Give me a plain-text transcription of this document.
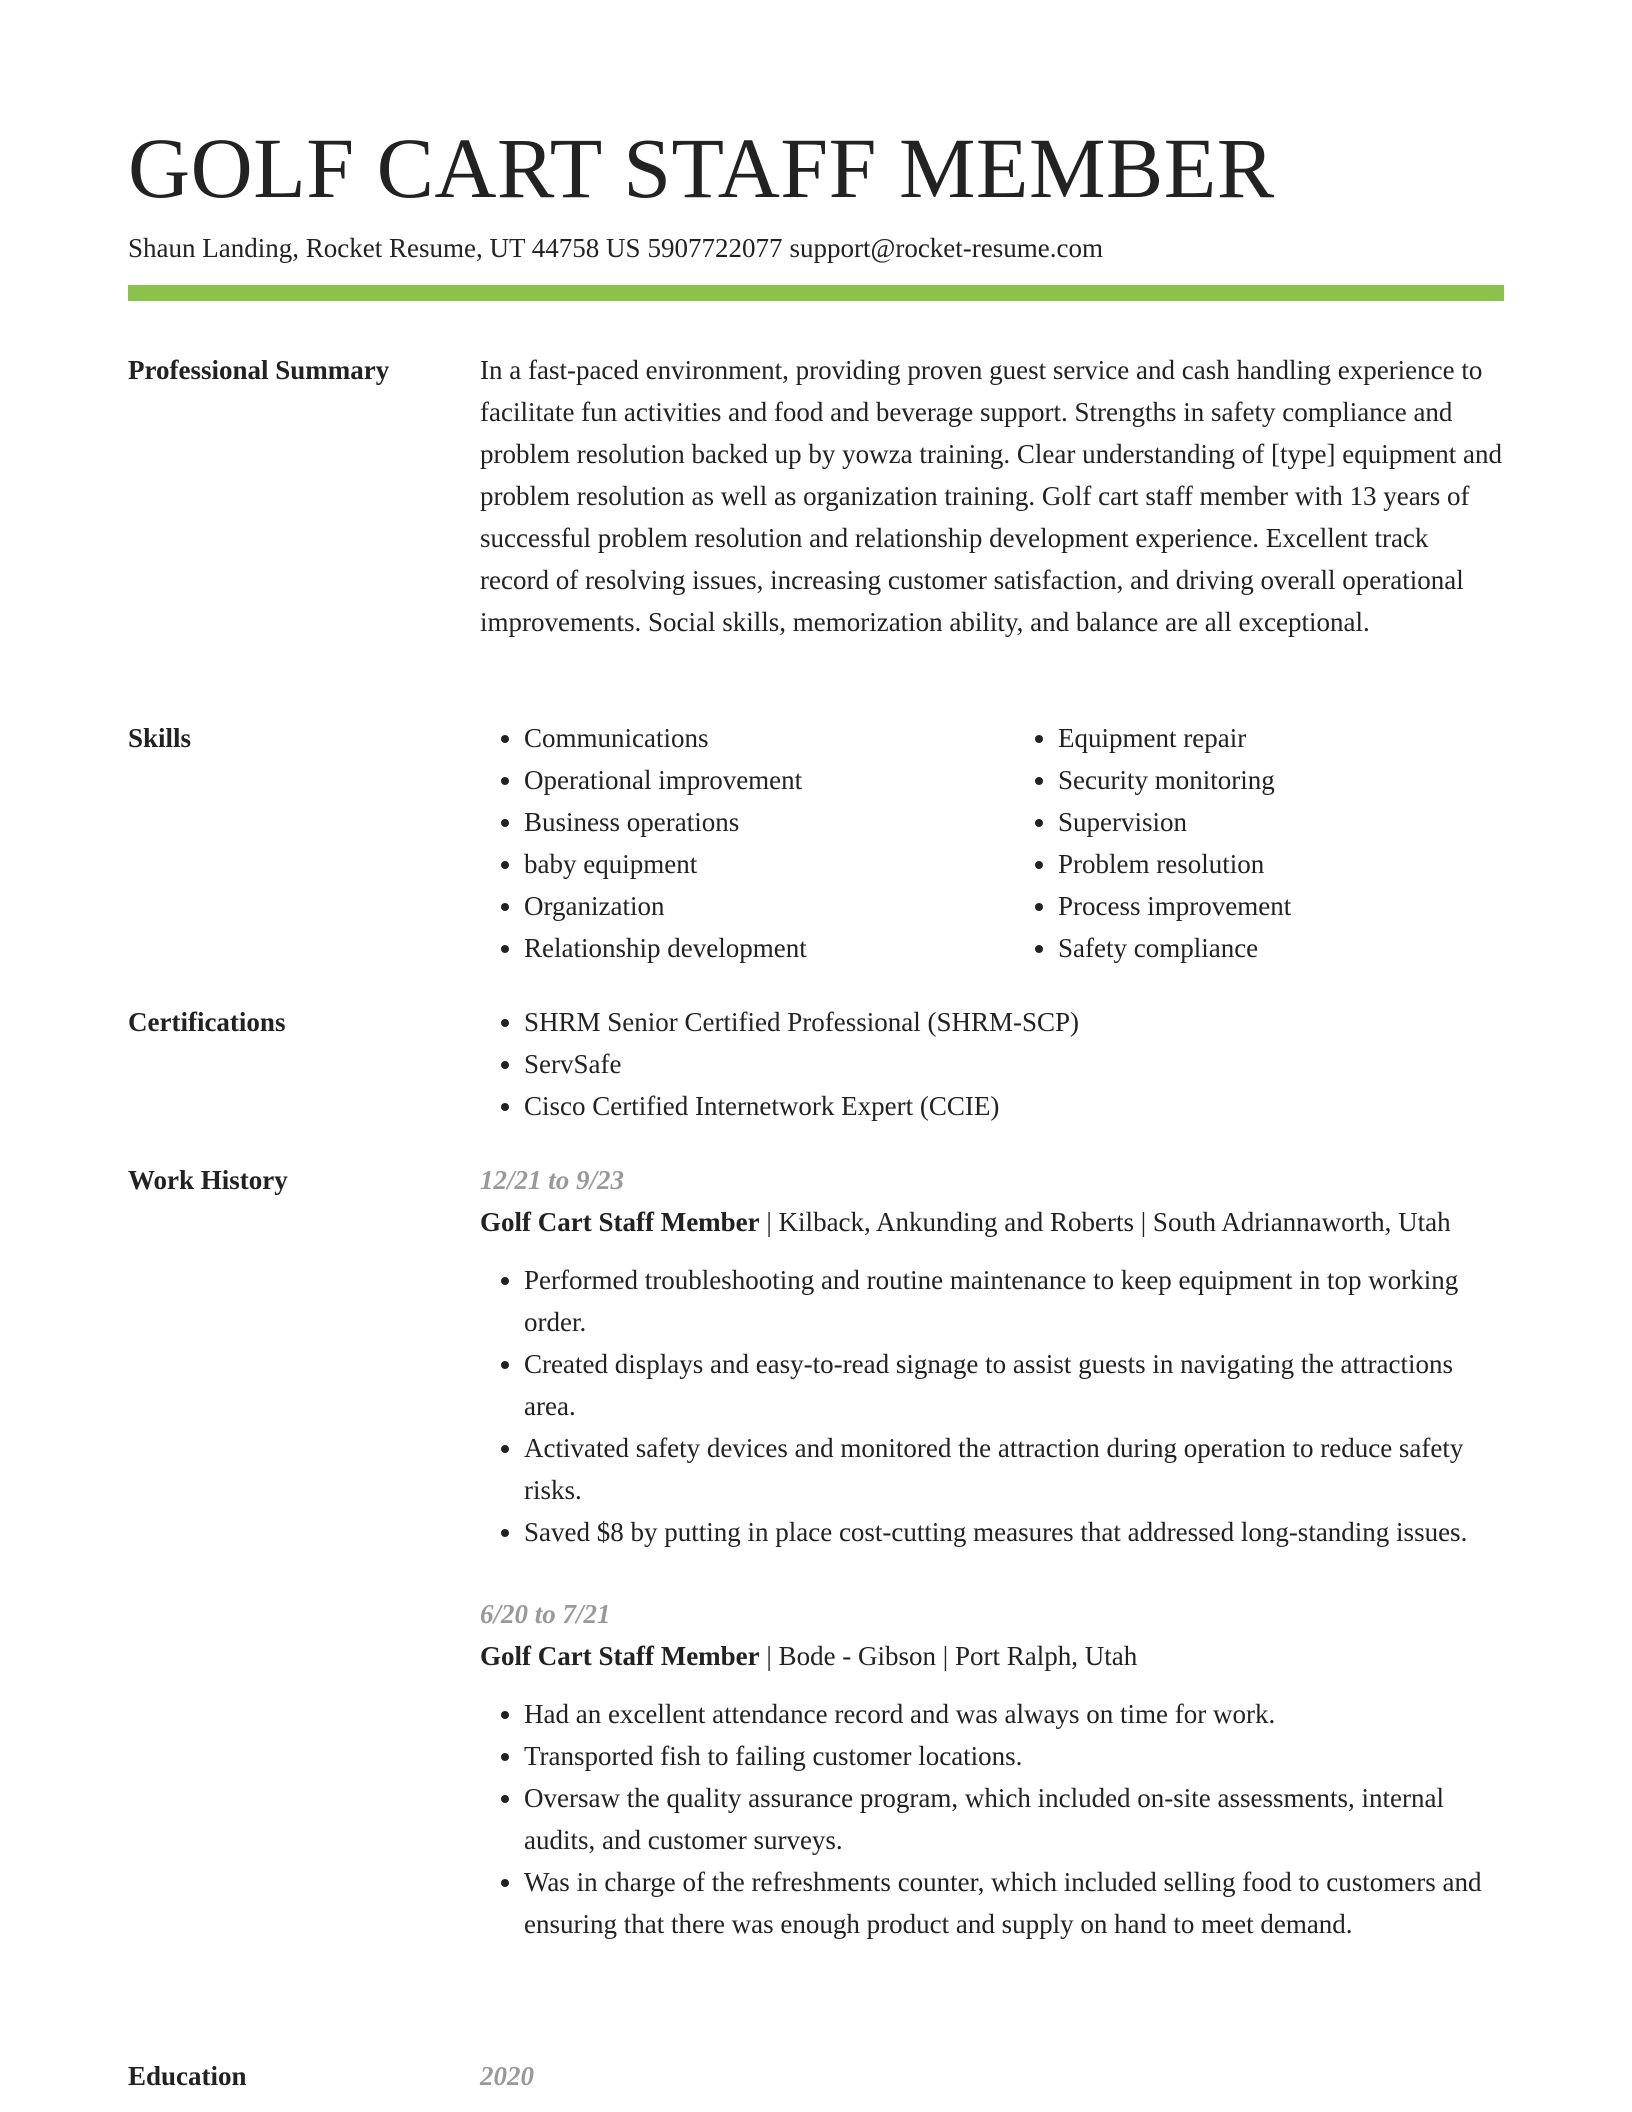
GOLF CART STAFF MEMBER
Shaun Landing, Rocket Resume, UT 44758 US 5907722077 support@rocket-resume.com
Professional Summary	In a fast-paced environment, providing proven guest service and cash handling experience to facilitate fun activities and food and beverage support. Strengths in safety compliance and problem resolution backed up by yowza training. Clear understanding of [type] equipment and problem resolution as well as organization training. Golf cart staff member with 13 years of successful problem resolution and relationship development experience. Excellent track record of resolving issues, increasing customer satisfaction, and driving overall operational improvements. Social skills, memorization ability, and balance are all exceptional.

Skills	• Communications
• Operational improvement
• Business operations
• baby equipment
• Organization
• Relationship development
• Equipment repair
• Security monitoring
• Supervision
• Problem resolution
• Process improvement
• Safety compliance
Certifications	• SHRM Senior Certified Professional (SHRM-SCP)
• ServSafe
• Cisco Certified Internetwork Expert (CCIE)
Work History	12/21 to 9/23
Golf Cart Staff Member | Kilback, Ankunding and Roberts | South Adriannaworth, Utah
• Performed troubleshooting and routine maintenance to keep equipment in top working order.
• Created displays and easy-to-read signage to assist guests in navigating the attractions area.
• Activated safety devices and monitored the attraction during operation to reduce safety risks.
• Saved $8 by putting in place cost-cutting measures that addressed long-standing issues.
6/20 to 7/21
Golf Cart Staff Member | Bode - Gibson | Port Ralph, Utah
• Had an excellent attendance record and was always on time for work.
• Transported fish to failing customer locations.
• Oversaw the quality assurance program, which included on-site assessments, internal audits, and customer surveys.
• Was in charge of the refreshments counter, which included selling food to customers and ensuring that there was enough product and supply on hand to meet demand.
Education	2020
